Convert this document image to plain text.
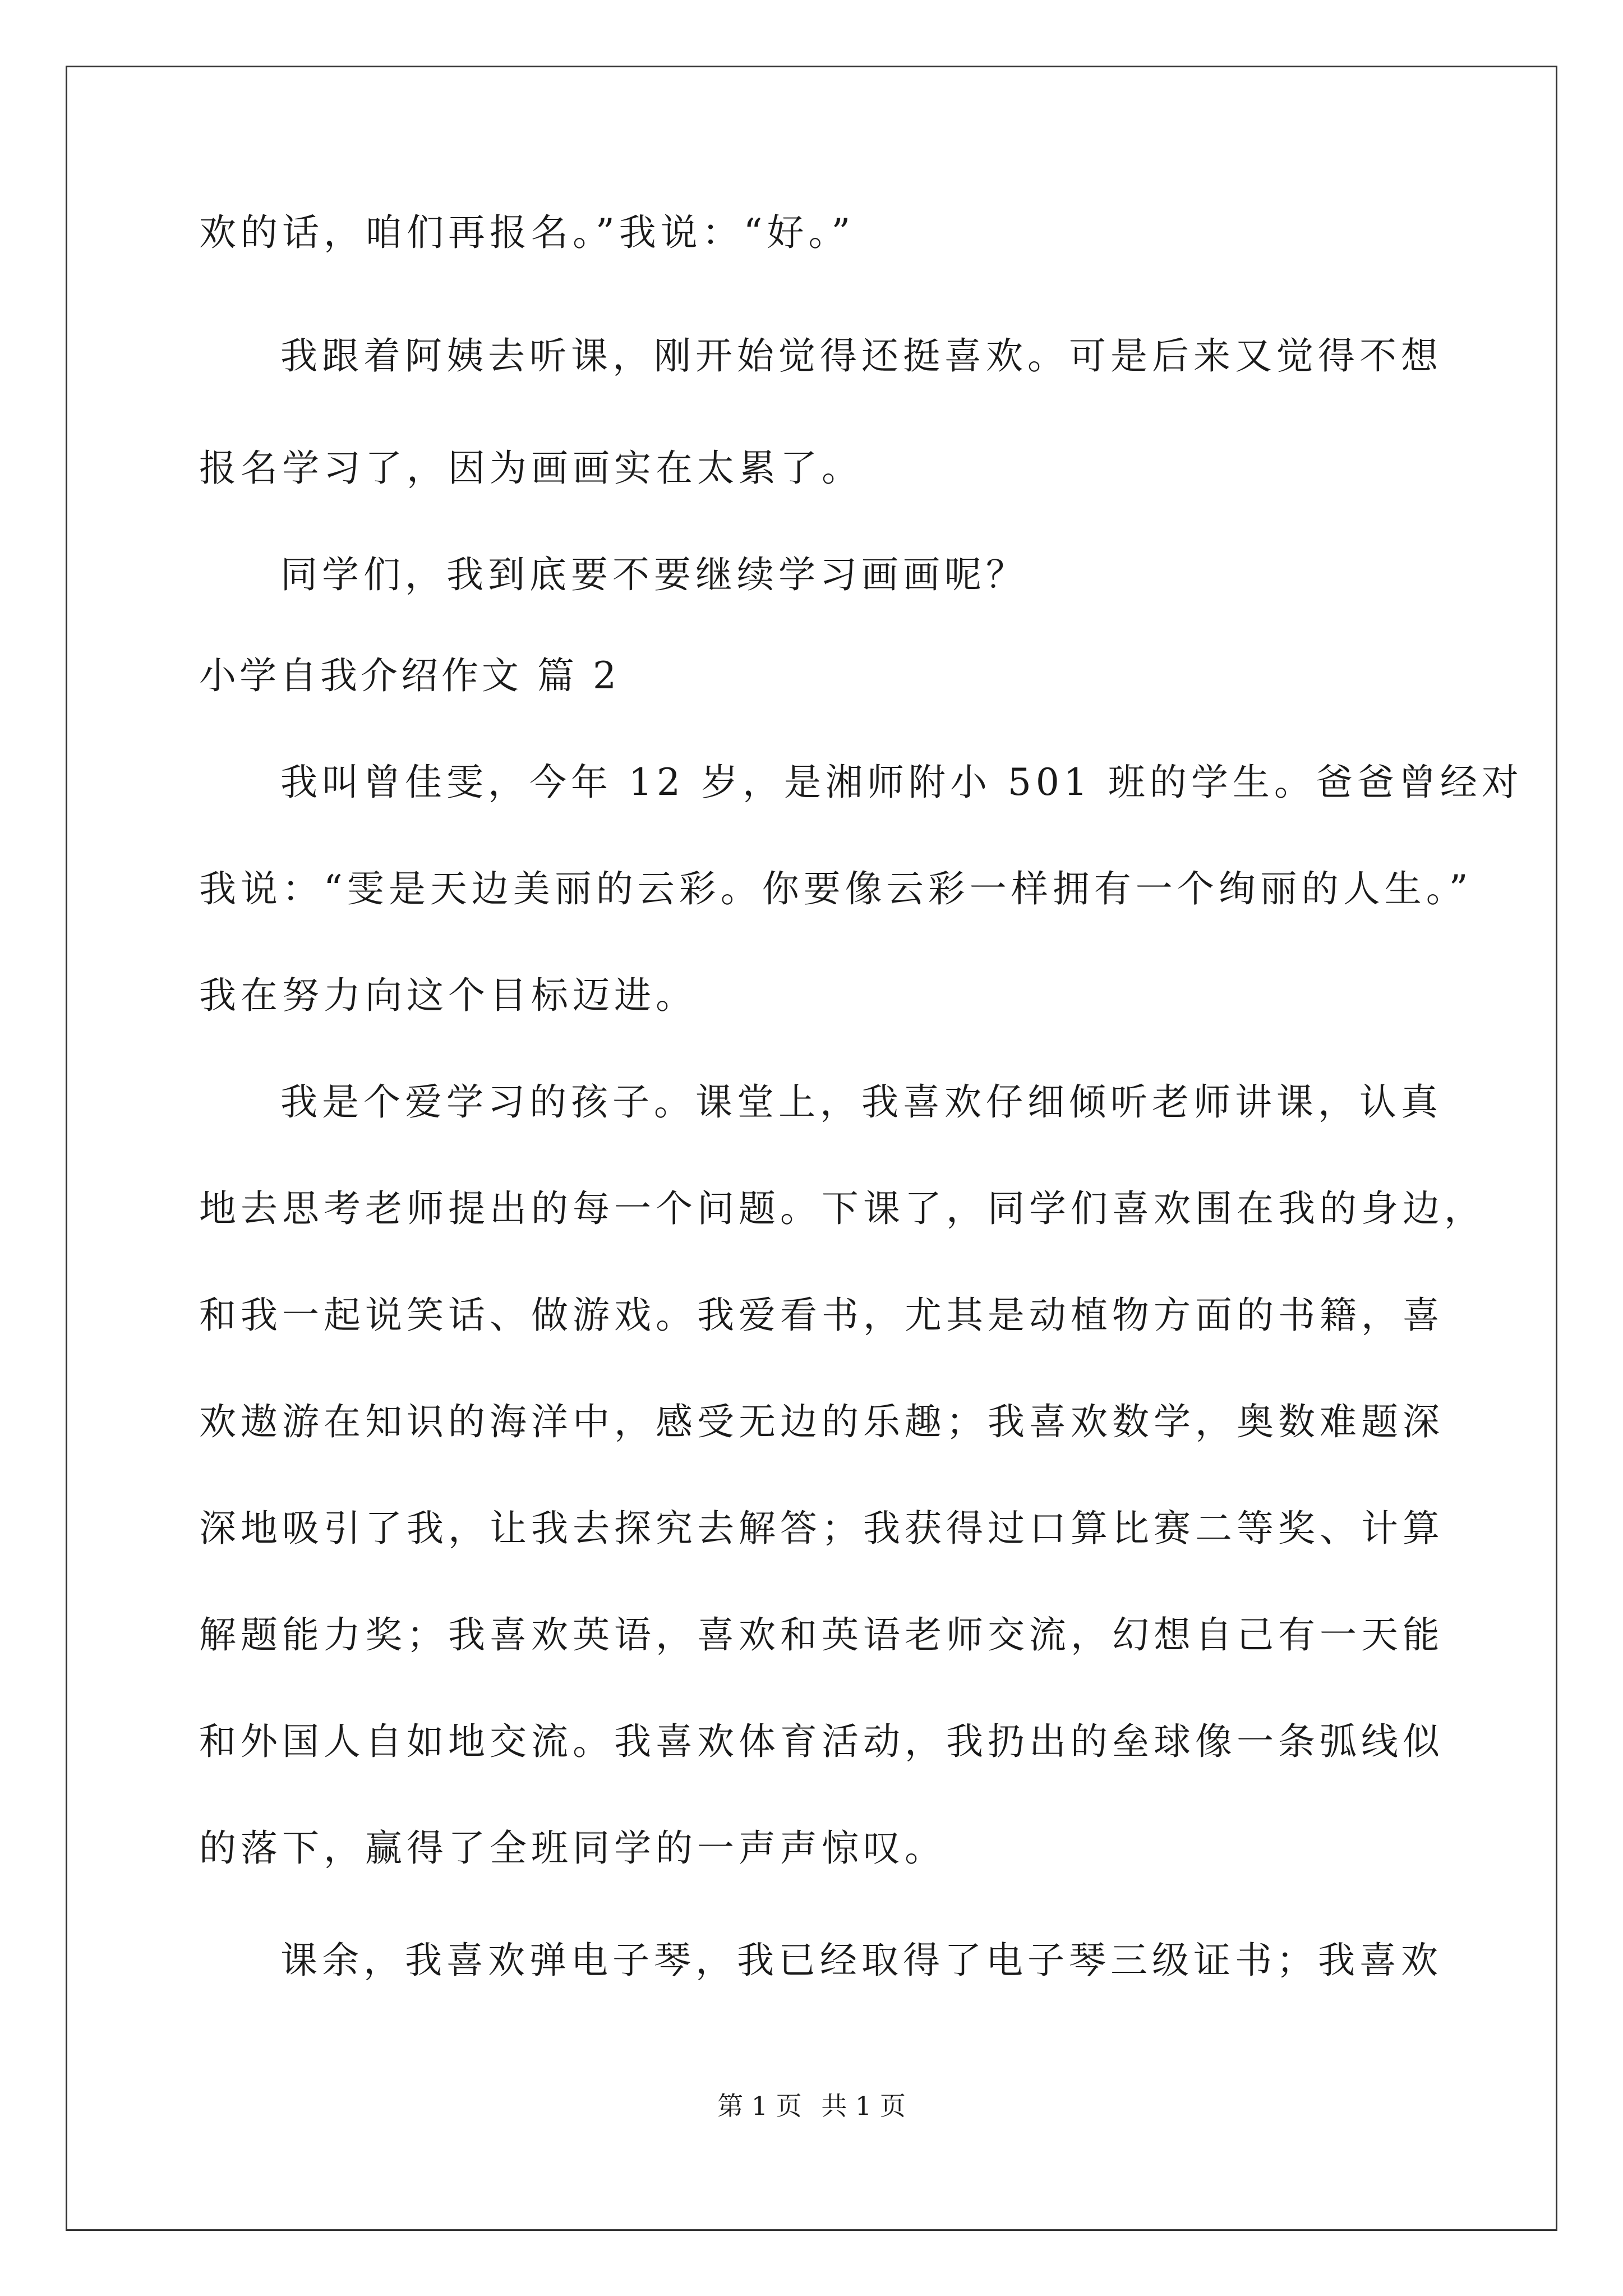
欢的话，咱们再报名。”我说：“好。”
我跟着阿姨去听课，刚开始觉得还挺喜欢。可是后来又觉得不想
报名学习了，因为画画实在太累了。
同学们，我到底要不要继续学习画画呢？
小学自我介绍作文 篇 2
我叫曾佳雯，今年 12 岁，是湘师附小 501 班的学生。爸爸曾经对
我说：“雯是天边美丽的云彩。你要像云彩一样拥有一个绚丽的人生。”
我在努力向这个目标迈进。
我是个爱学习的孩子。课堂上，我喜欢仔细倾听老师讲课，认真
地去思考老师提出的每一个问题。下课了，同学们喜欢围在我的身边，
和我一起说笑话、做游戏。我爱看书，尤其是动植物方面的书籍，喜
欢遨游在知识的海洋中，感受无边的乐趣；我喜欢数学，奥数难题深
深地吸引了我，让我去探究去解答；我获得过口算比赛二等奖、计算
解题能力奖；我喜欢英语，喜欢和英语老师交流，幻想自己有一天能
和外国人自如地交流。我喜欢体育活动，我扔出的垒球像一条弧线似
的落下，赢得了全班同学的一声声惊叹。
课余，我喜欢弹电子琴，我已经取得了电子琴三级证书；我喜欢
第 1 页 共 1 页
